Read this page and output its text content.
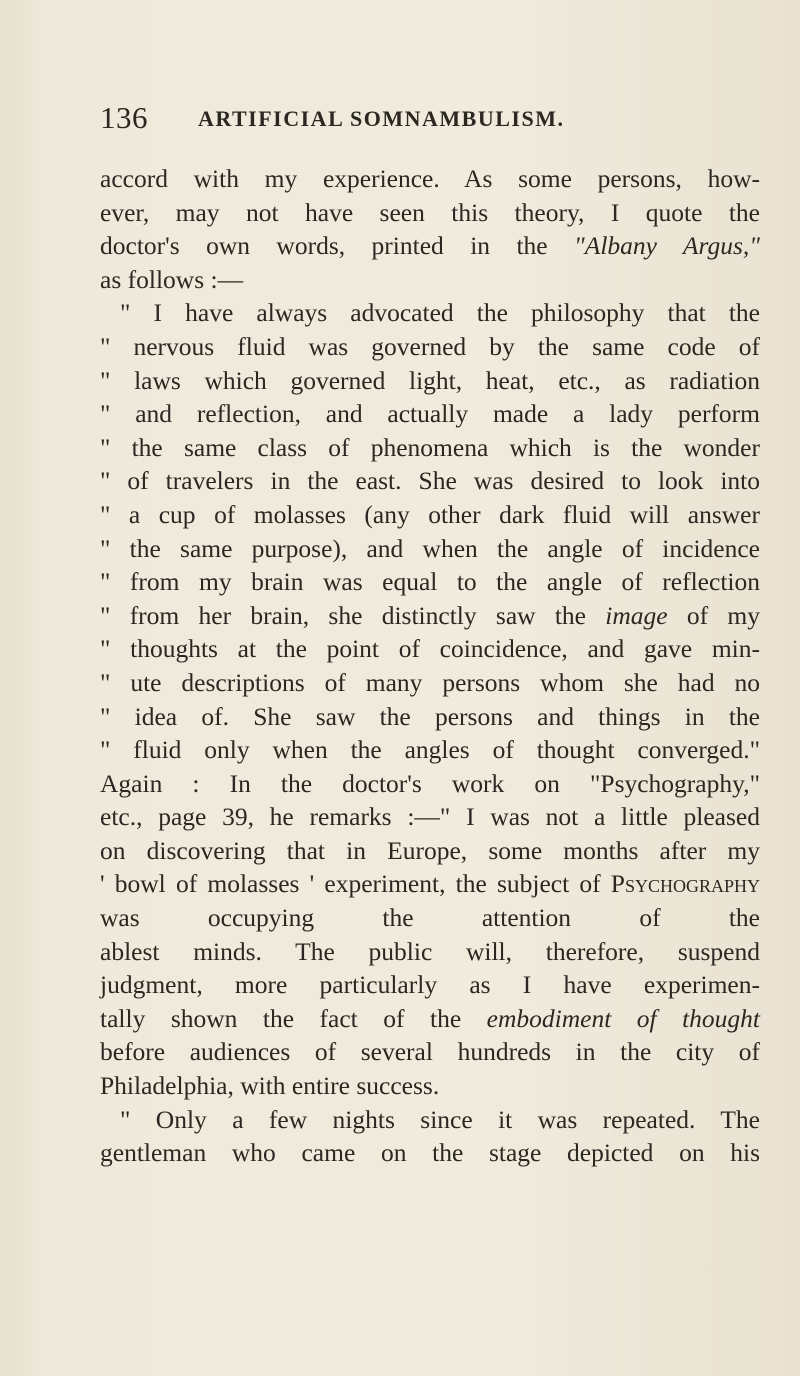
136 ARTIFICIAL SOMNAMBULISM.
accord with my experience. As some persons, how-
ever, may not have seen this theory, I quote the
doctor's own words, printed in the "Albany Argus,"
as follows :—
" I have always advocated the philosophy that the
" nervous fluid was governed by the same code of
" laws which governed light, heat, etc., as radiation
" and reflection, and actually made a lady perform
" the same class of phenomena which is the wonder
" of travelers in the east. She was desired to look into
" a cup of molasses (any other dark fluid will answer
" the same purpose), and when the angle of incidence
" from my brain was equal to the angle of reflection
" from her brain, she distinctly saw the image of my
" thoughts at the point of coincidence, and gave min-
" ute descriptions of many persons whom she had no
" idea of. She saw the persons and things in the
" fluid only when the angles of thought converged."
Again : In the doctor's work on "Psychography,"
etc., page 39, he remarks :—" I was not a little pleased
on discovering that in Europe, some months after my
' bowl of molasses ' experiment, the subject of Psychography
was occupying the attention of the
ablest minds. The public will, therefore, suspend
judgment, more particularly as I have experimen-
tally shown the fact of the embodiment of thought
before audiences of several hundreds in the city of
Philadelphia, with entire success.
" Only a few nights since it was repeated. The
gentleman who came on the stage depicted on his
